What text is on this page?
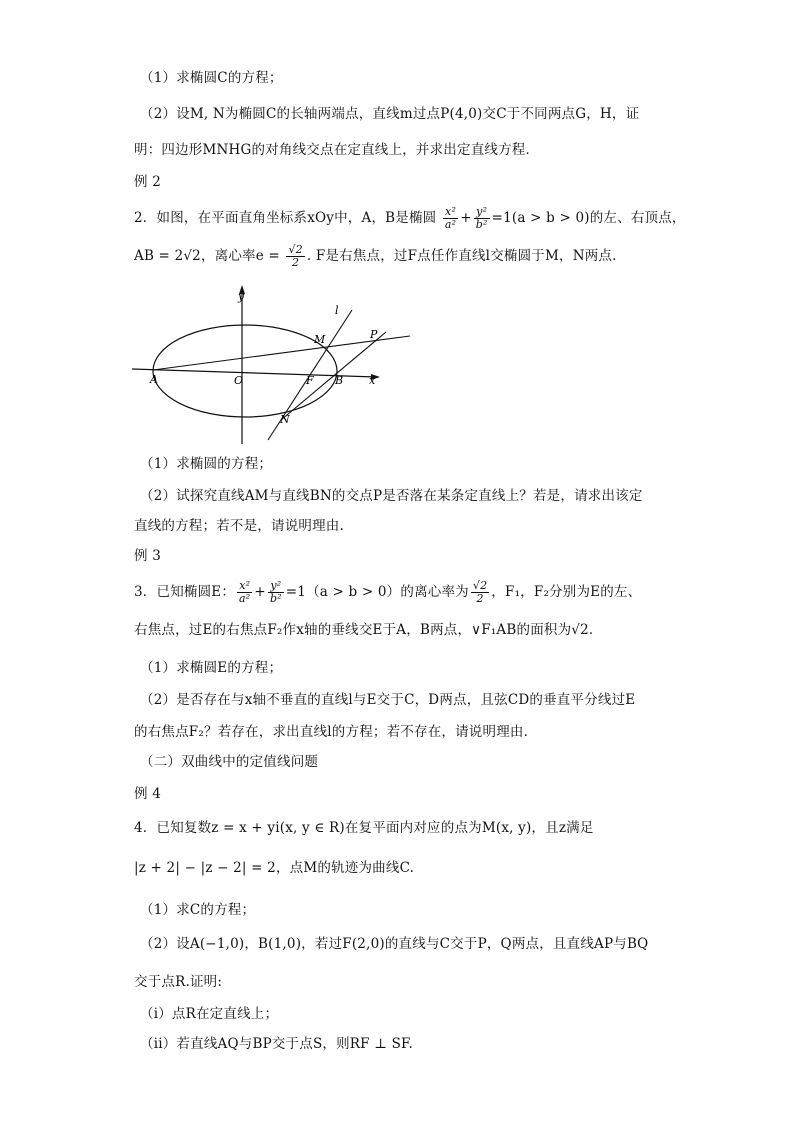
（1）求椭圆C的方程；
（2）设M, N为椭圆C的长轴两端点，直线m过点P(4,0)交C于不同两点G，H，证
明：四边形MNHG的对角线交点在定直线上，并求出定直线方程．
例 2
2．如图，在平面直角坐标系xOy中，A，B是椭圆 $\frac{\text{x²}}{\text{a²}} + \frac{\text{y²}}{\text{b²}} =1(a > b > 0)$的左、右顶点，
AB = 2√2，离心率$e = \frac{√2}{2}$ . F是右焦点，过F点任作直线l交椭圆于M，N两点.
y
x
O
A	B
F
M
N
P
l
（1）求椭圆的方程；
（2）试探究直线AM与直线BN的交点P是否落在某条定直线上？若是，请求出该定
直线的方程；若不是，请说明理由.
例 3
3．已知椭圆E： $\frac{\text{x²}}{\text{a²}} + \frac{\text{y²}}{\text{b²}} =1(a > b > 0)$的离心率为 $\frac{√2}{2}$ ，F₁，F₂分别为E的左、
右焦点，过E的右焦点F₂作x轴的垂线交E于A，B两点，∨F₁AB的面积为√2．
（1）求椭圆E的方程；
（2）是否存在与x轴不垂直的直线l与E交于C，D两点，且弦CD的垂直平分线过E
的右焦点F₂？若存在，求出直线l的方程；若不存在，请说明理由．
（二）双曲线中的定值线问题
例 4
4．已知复数z = x + yi(x, y ∈ R)在复平面内对应的点为M(x, y)，且z满足
|z + 2| − |z − 2| = 2，点M的轨迹为曲线C.
（1）求C的方程；
（2）设A(−1,0)，B(1,0)，若过F(2,0)的直线与C交于P，Q两点，且直线AP与BQ
交于点R.证明:
（i）点R在定直线上；
（ii）若直线AQ与BP交于点S，则RF ⊥ SF.
